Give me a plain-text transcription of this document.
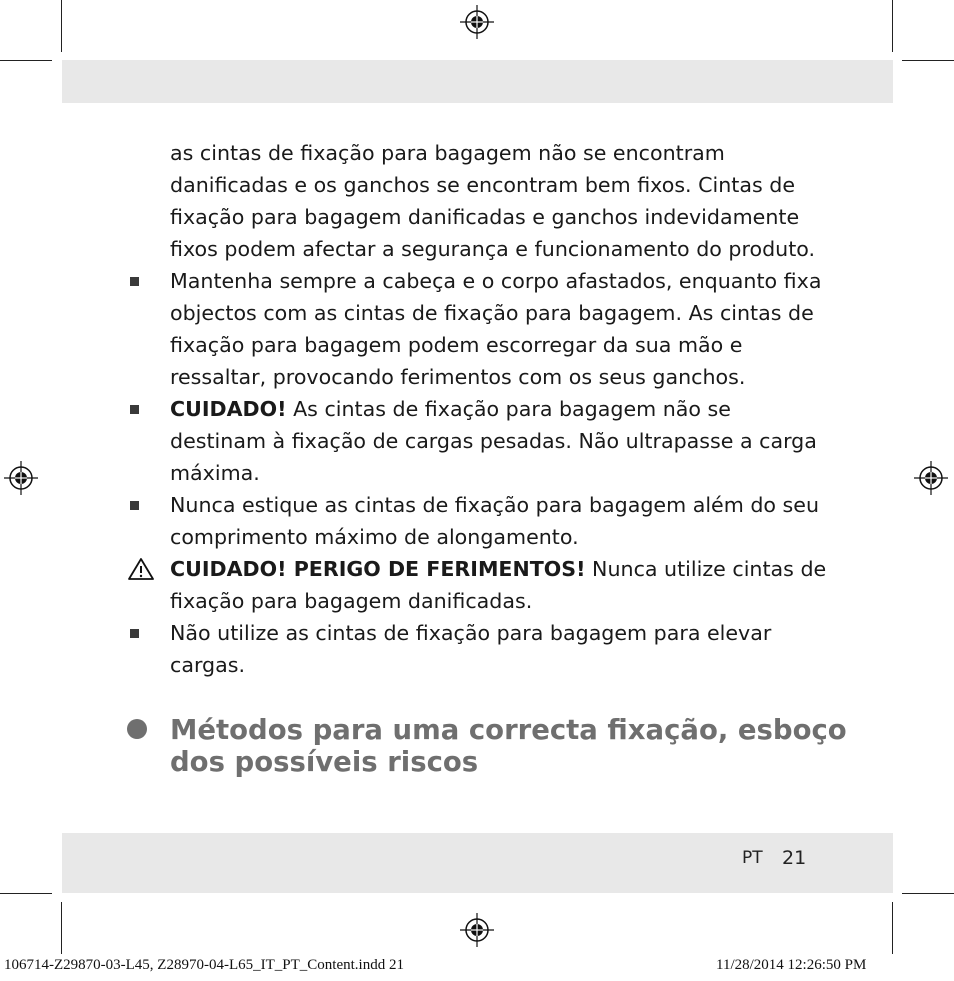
as cintas de fixação para bagagem não se encontram danificadas e os ganchos se encontram bem fixos. Cintas de fixação para bagagem danificadas e ganchos indevidamente fixos podem afectar a segurança e funcionamento do produto.

Mantenha sempre a cabeça e o corpo afastados, enquanto fixa objectos com as cintas de fixação para bagagem. As cintas de fixação para bagagem podem escorregar da sua mão e ressaltar, provocando ferimentos com os seus ganchos.

CUIDADO! As cintas de fixação para bagagem não se destinam à fixação de cargas pesadas. Não ultrapasse a carga máxima.

Nunca estique as cintas de fixação para bagagem além do seu comprimento máximo de alongamento.

CUIDADO! PERIGO DE FERIMENTOS! Nunca utilize cintas de fixação para bagagem danificadas.

Não utilize as cintas de fixação para bagagem para elevar cargas.

Métodos para uma correcta fixação, esboço dos possíveis riscos
PT 21
106714-Z29870-03-L45, Z28970-04-L65_IT_PT_Content.indd 21	11/28/2014 12:26:50 PM
